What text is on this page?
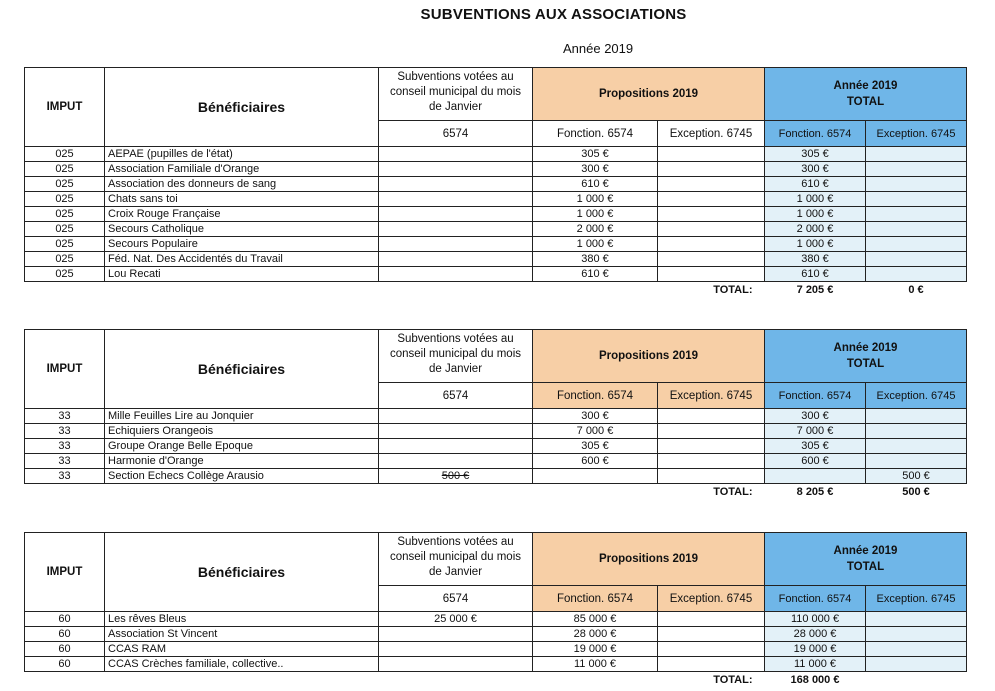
SUBVENTIONS AUX ASSOCIATIONS
Année 2019
IMPUT	Bénéficiaires	Subventions votées au conseil municipal du mois de Janvier	Propositions 2019		Année 2019
TOTAL	

		6574	Fonction. 6574	Exception. 6745	Fonction. 6574	Exception. 6745
025	AEPAE (pupilles de l'état)		305 €		305 €	
025	Association Familiale d'Orange		300 €		300 €	
025	Association des donneurs de sang		610 €		610 €	
025	Chats sans toi		1 000 €		1 000 €	
025	Croix Rouge Française		1 000 €		1 000 €	
025	Secours Catholique		2 000 €		2 000 €	
025	Secours Populaire		1 000 €		1 000 €	
025	Féd. Nat. Des Accidentés du Travail		380 €		380 €	
025	Lou Recati		610 €		610 €	
				TOTAL:	7 205 €	0 €
IMPUT	Bénéficiaires	Subventions votées au conseil municipal du mois de Janvier	Propositions 2019		Année 2019
TOTAL	

		6574	Fonction. 6574	Exception. 6745	Fonction. 6574	Exception. 6745
33	Mille Feuilles Lire au Jonquier		300 €		300 €	
33	Echiquiers Orangeois		7 000 €		7 000 €	
33	Groupe Orange Belle Epoque		305 €		305 €	
33	Harmonie d'Orange		600 €		600 €	
33	Section Echecs Collège Arausio	500 €				500 €
				TOTAL:	8 205 €	500 €
IMPUT	Bénéficiaires	Subventions votées au conseil municipal du mois de Janvier	Propositions 2019		Année 2019
TOTAL	

		6574	Fonction. 6574	Exception. 6745	Fonction. 6574	Exception. 6745
60	Les rêves Bleus	25 000 €	85 000 €		110 000 €	
60	Association St Vincent		28 000 €		28 000 €	
60	CCAS RAM		19 000 €		19 000 €	
60	CCAS Crèches familiale, collective..		11 000 €		11 000 €	
				TOTAL:	168 000 €	
